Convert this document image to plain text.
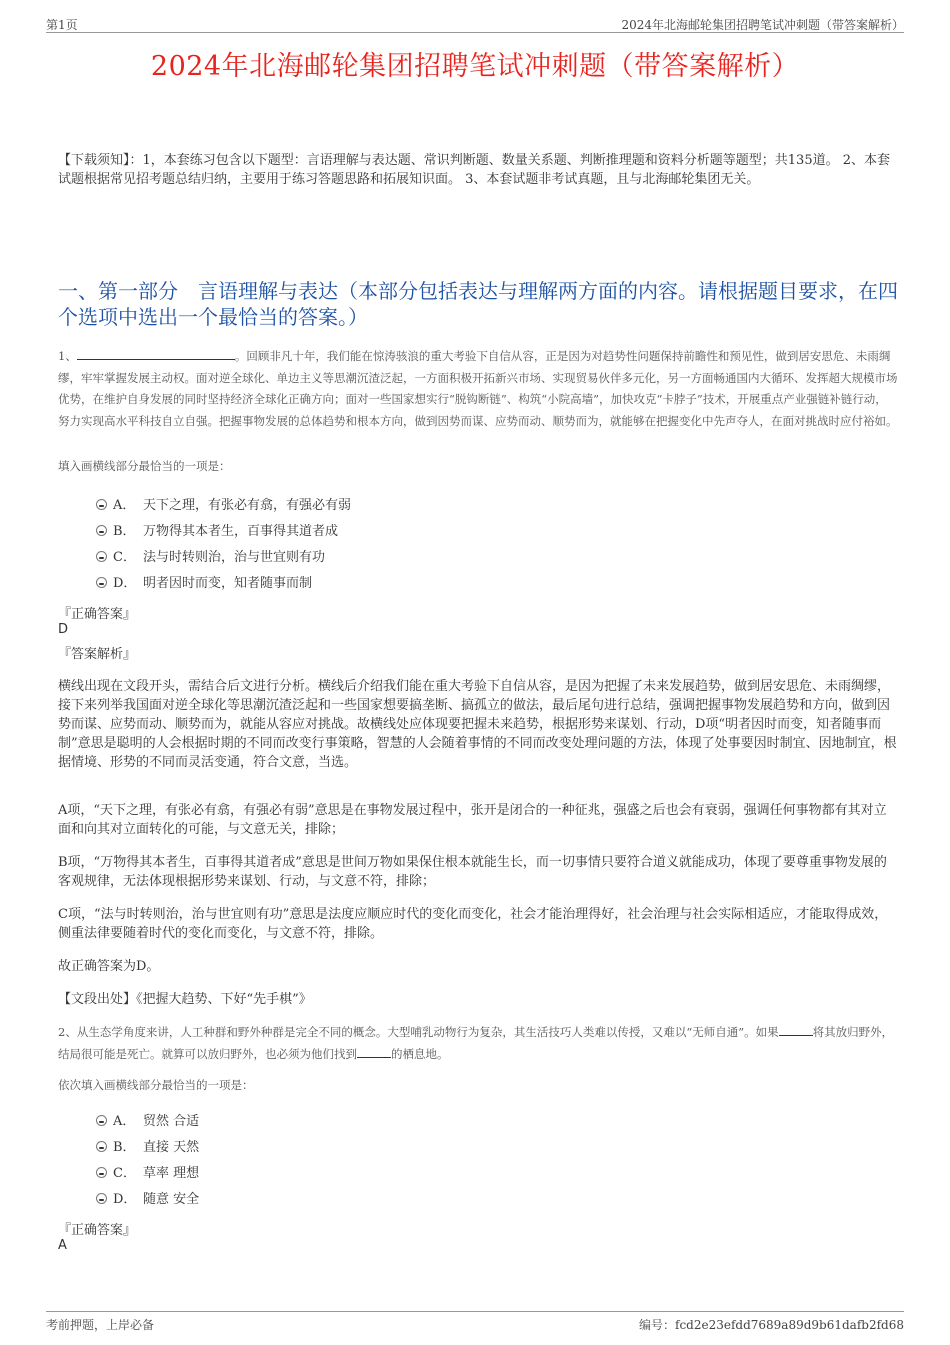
第1页	2024年北海邮轮集团招聘笔试冲刺题（带答案解析）
2024年北海邮轮集团招聘笔试冲刺题（带答案解析）
【下载须知】：1，本套练习包含以下题型：言语理解与表达题、常识判断题、数量关系题、判断推理题和资料分析题等题型；共135道。 2、本套试题根据常见招考题总结归纳，主要用于练习答题思路和拓展知识面。 3、本套试题非考试真题，且与北海邮轮集团无关。
一、第一部分　言语理解与表达（本部分包括表达与理解两方面的内容。请根据题目要求，在四个选项中选出一个最恰当的答案。）
1、	。回顾非凡十年，我们能在惊涛骇浪的重大考验下自信从容，正是因为对趋势性问题保持前瞻性和预见性，做到居安思危、未雨绸缪，牢牢掌握发展主动权。面对逆全球化、单边主义等思潮沉渣泛起，一方面积极开拓新兴市场、实现贸易伙伴多元化，另一方面畅通国内大循环、发挥超大规模市场优势，在维护自身发展的同时坚持经济全球化正确方向；面对一些国家想实行“脱钩断链”、构筑“小院高墙”，加快攻克“卡脖子”技术，开展重点产业强链补链行动，努力实现高水平科技自立自强。把握事物发展的总体趋势和根本方向，做到因势而谋、应势而动、顺势而为，就能够在把握变化中先声夺人，在面对挑战时应付裕如。
填入画横线部分最恰当的一项是：
A． 天下之理，有张必有翕，有强必有弱
B． 万物得其本者生，百事得其道者成
C． 法与时转则治，治与世宜则有功
D． 明者因时而变，知者随事而制
『正确答案』
D
『答案解析』
横线出现在文段开头，需结合后文进行分析。横线后介绍我们能在重大考验下自信从容，是因为把握了未来发展趋势，做到居安思危、未雨绸缪，接下来列举我国面对逆全球化等思潮沉渣泛起和一些国家想要搞垄断、搞孤立的做法，最后尾句进行总结，强调把握事物发展趋势和方向，做到因势而谋、应势而动、顺势而为，就能从容应对挑战。故横线处应体现要把握未来趋势，根据形势来谋划、行动，D项“明者因时而变，知者随事而制”意思是聪明的人会根据时期的不同而改变行事策略，智慧的人会随着事情的不同而改变处理问题的方法，体现了处事要因时制宜、因地制宜，根据情境、形势的不同而灵活变通，符合文意，当选。
A项，“天下之理，有张必有翕，有强必有弱”意思是在事物发展过程中，张开是闭合的一种征兆，强盛之后也会有衰弱，强调任何事物都有其对立面和向其对立面转化的可能，与文意无关，排除；
B项，“万物得其本者生，百事得其道者成”意思是世间万物如果保住根本就能生长，而一切事情只要符合道义就能成功，体现了要尊重事物发展的客观规律，无法体现根据形势来谋划、行动，与文意不符，排除；
C项，“法与时转则治，治与世宜则有功”意思是法度应顺应时代的变化而变化，社会才能治理得好，社会治理与社会实际相适应，才能取得成效，侧重法律要随着时代的变化而变化，与文意不符，排除。
故正确答案为D。
【文段出处】《把握大趋势、下好“先手棋”》
2、从生态学角度来讲，人工种群和野外种群是完全不同的概念。大型哺乳动物行为复杂，其生活技巧人类难以传授，又难以“无师自通”。如果	将其放归野外，结局很可能是死亡。就算可以放归野外，也必须为他们找到	的栖息地。
依次填入画横线部分最恰当的一项是：
A． 贸然 合适
B． 直接 天然
C． 草率 理想
D． 随意 安全
『正确答案』
A
考前押题，上岸必备	编号：fcd2e23efdd7689a89d9b61dafb2fd68
